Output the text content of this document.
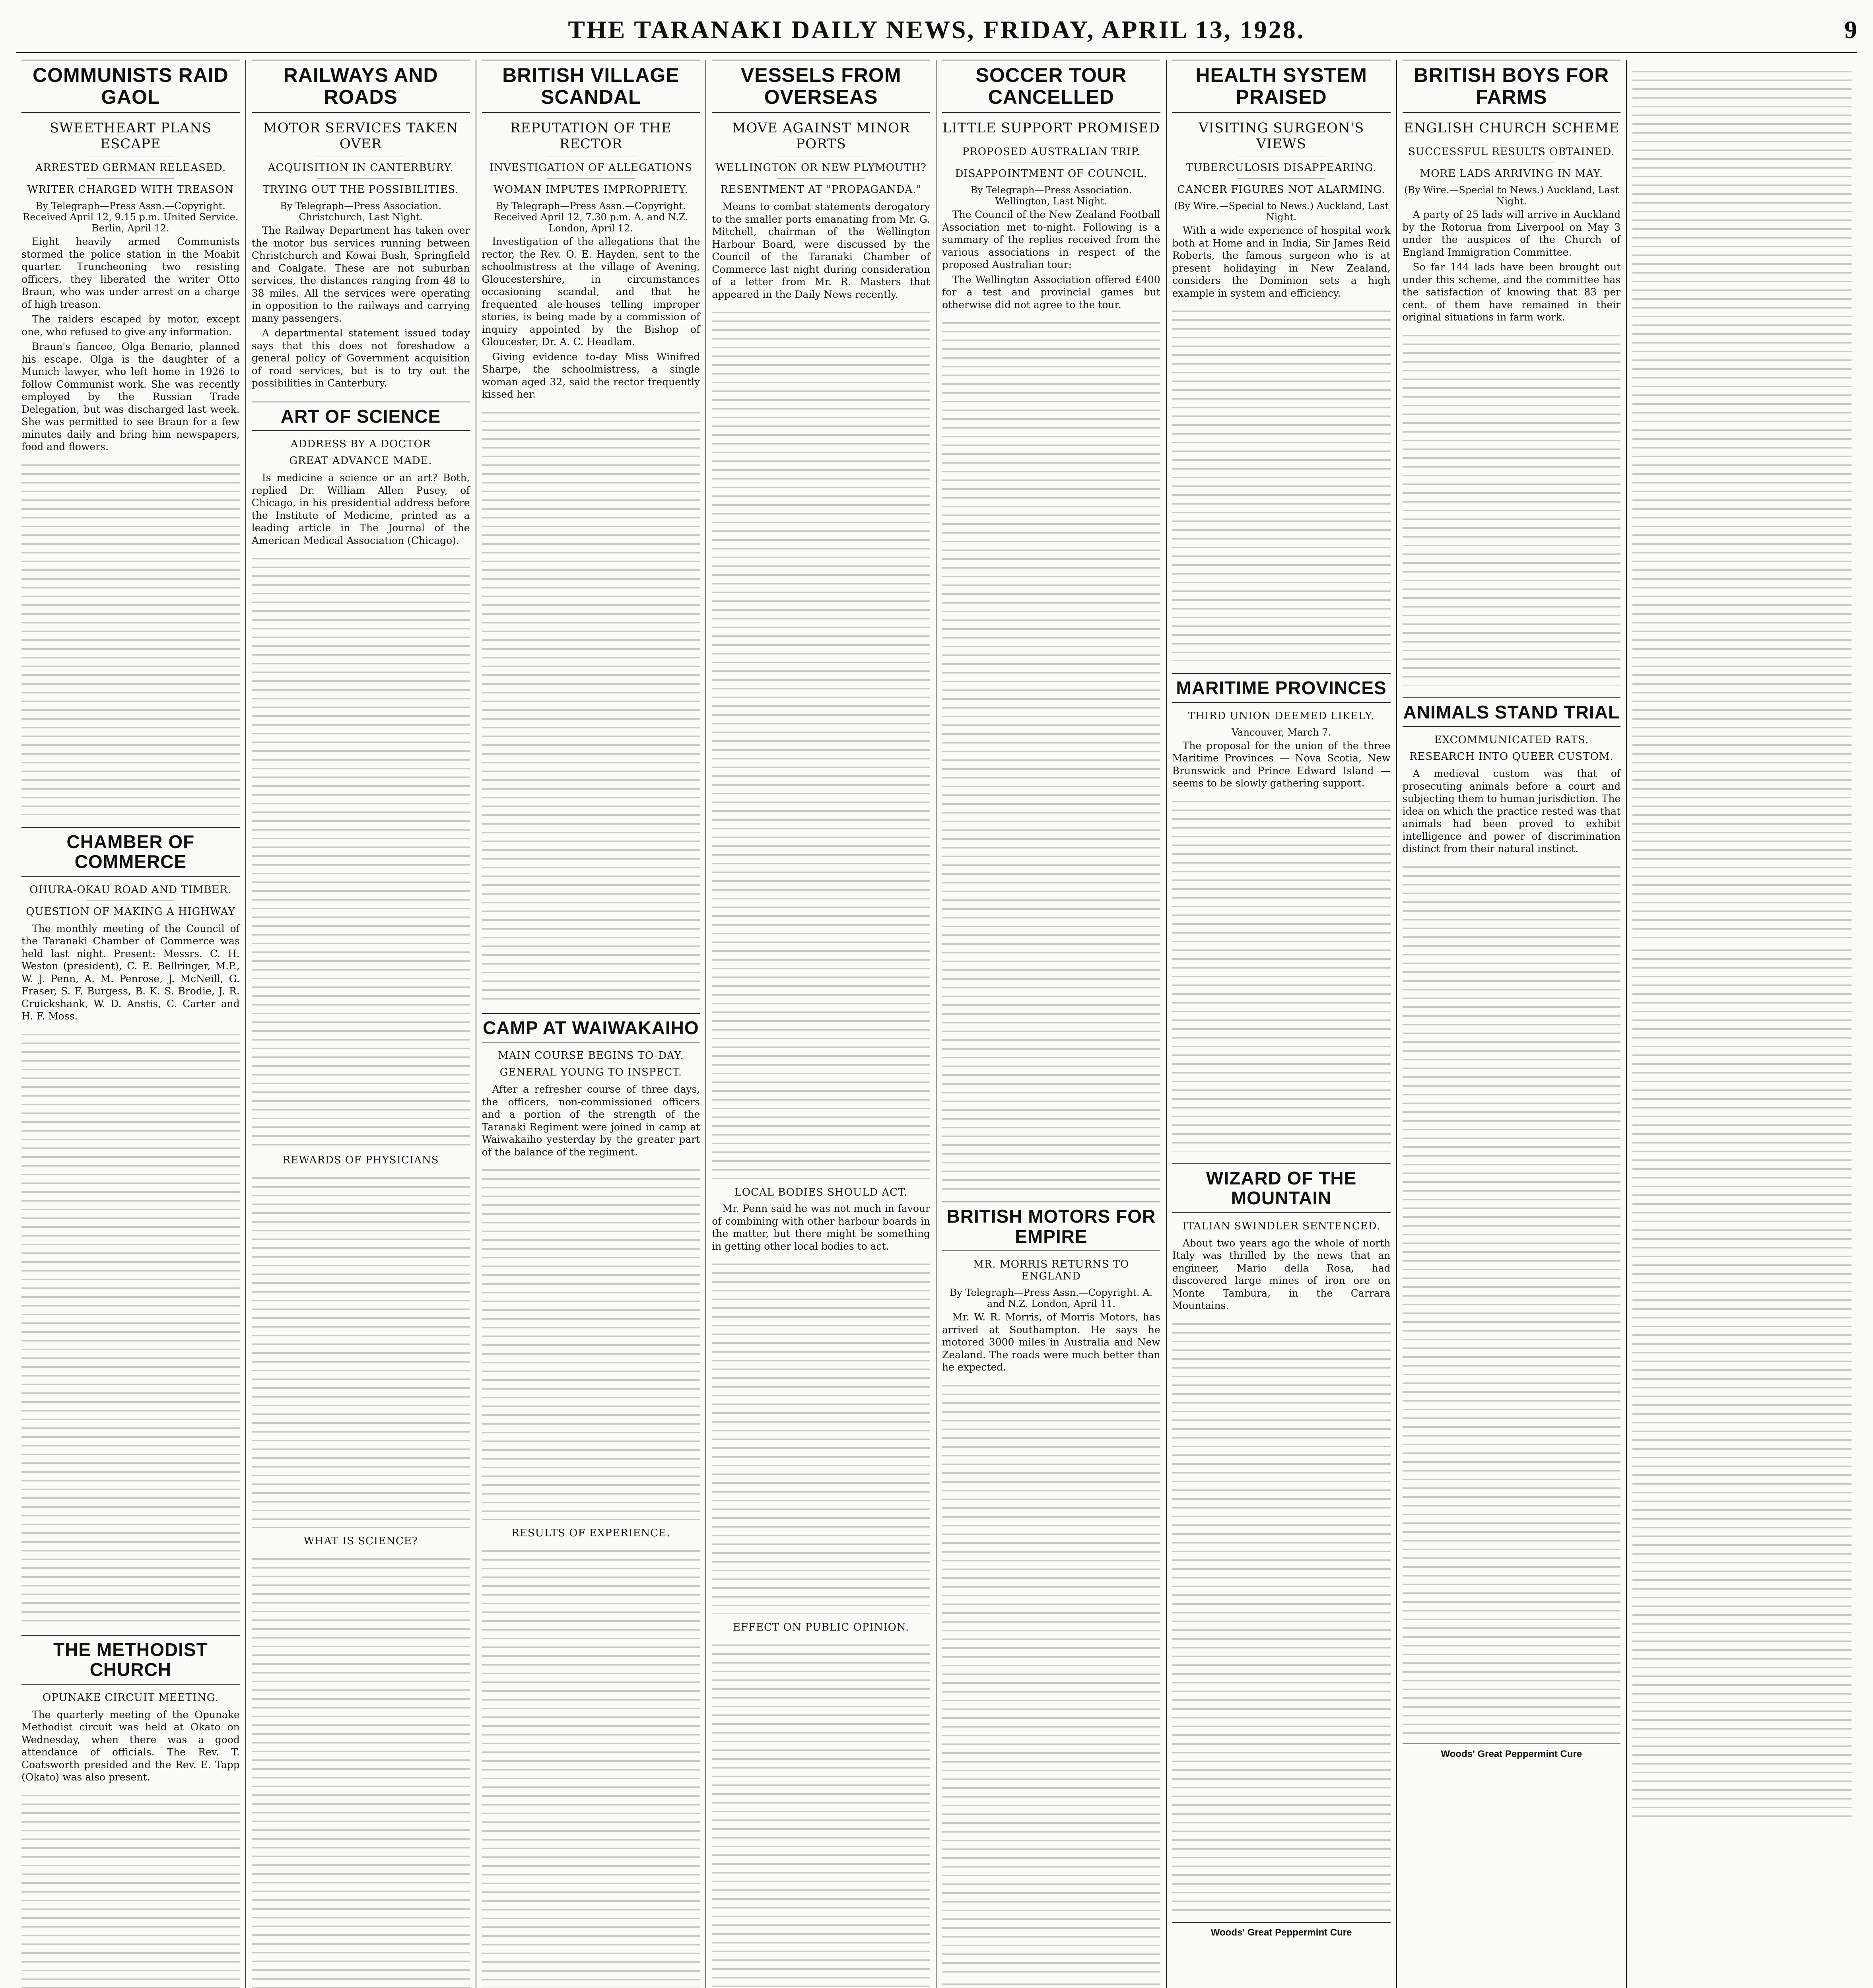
THE TARANAKI DAILY NEWS, FRIDAY, APRIL 13, 1928.	9
COMMUNISTS RAID GAOL
SWEETHEART PLANS ESCAPE
ARRESTED GERMAN RELEASED.
WRITER CHARGED WITH TREASON
By Telegraph—Press Assn.—Copyright. Received April 12, 9.15 p.m. United Service. Berlin, April 12.

Eight heavily armed Communists stormed the police station in the Moabit quarter. Truncheoning two resisting officers, they liberated the writer Otto Braun, who was under arrest on a charge of high treason.

The raiders escaped by motor, except one, who refused to give any information.

Braun's fiancee, Olga Benario, planned his escape. Olga is the daughter of a Munich lawyer, who left home in 1926 to follow Communist work. She was recently employed by the Russian Trade Delegation, but was discharged last week. She was permitted to see Braun for a few minutes daily and bring him newspapers, food and flowers.

CHAMBER OF COMMERCE
OHURA-OKAU ROAD AND TIMBER.
QUESTION OF MAKING A HIGHWAY

The monthly meeting of the Council of the Taranaki Chamber of Commerce was held last night. Present: Messrs. C. H. Weston (president), C. E. Bellringer, M.P., W. J. Penn, A. M. Penrose, J. McNeill, G. Fraser, S. F. Burgess, B. K. S. Brodie, J. R. Cruickshank, W. D. Anstis, C. Carter and H. F. Moss.

THE METHODIST CHURCH
OPUNAKE CIRCUIT MEETING.

The quarterly meeting of the Opunake Methodist circuit was held at Okato on Wednesday, when there was a good attendance of officials. The Rev. T. Coatsworth presided and the Rev. E. Tapp (Okato) was also present.

RAILWAYS AND ROADS
MOTOR SERVICES TAKEN OVER
ACQUISITION IN CANTERBURY.
TRYING OUT THE POSSIBILITIES.
By Telegraph—Press Association. Christchurch, Last Night.

The Railway Department has taken over the motor bus services running between Christchurch and Kowai Bush, Springfield and Coalgate. These are not suburban services, the distances ranging from 48 to 38 miles. All the services were operating in opposition to the railways and carrying many passengers.

A departmental statement issued today says that this does not foreshadow a general policy of Government acquisition of road services, but is to try out the possibilities in Canterbury.

ART OF SCIENCE
ADDRESS BY A DOCTOR
GREAT ADVANCE MADE.

Is medicine a science or an art? Both, replied Dr. William Allen Pusey, of Chicago, in his presidential address before the Institute of Medicine, printed as a leading article in The Journal of the American Medical Association (Chicago).

REWARDS OF PHYSICIANS
WHAT IS SCIENCE?
BRITISH VILLAGE SCANDAL
REPUTATION OF THE RECTOR
INVESTIGATION OF ALLEGATIONS
WOMAN IMPUTES IMPROPRIETY.
By Telegraph—Press Assn.—Copyright. Received April 12, 7.30 p.m. A. and N.Z. London, April 12.

Investigation of the allegations that the rector, the Rev. O. E. Hayden, sent to the schoolmistress at the village of Avening, Gloucestershire, in circumstances occasioning scandal, and that he frequented ale-houses telling improper stories, is being made by a commission of inquiry appointed by the Bishop of Gloucester, Dr. A. C. Headlam.

Giving evidence to-day Miss Winifred Sharpe, the schoolmistress, a single woman aged 32, said the rector frequently kissed her.

CAMP AT WAIWAKAIHO
MAIN COURSE BEGINS TO-DAY.
GENERAL YOUNG TO INSPECT.

After a refresher course of three days, the officers, non-commissioned officers and a portion of the strength of the Taranaki Regiment were joined in camp at Waiwakaiho yesterday by the greater part of the balance of the regiment.

RESULTS OF EXPERIENCE.
VESSELS FROM OVERSEAS
MOVE AGAINST MINOR PORTS
WELLINGTON OR NEW PLYMOUTH?
RESENTMENT AT "PROPAGANDA."

Means to combat statements derogatory to the smaller ports emanating from Mr. G. Mitchell, chairman of the Wellington Harbour Board, were discussed by the Council of the Taranaki Chamber of Commerce last night during consideration of a letter from Mr. R. Masters that appeared in the Daily News recently.

LOCAL BODIES SHOULD ACT.

Mr. Penn said he was not much in favour of combining with other harbour boards in the matter, but there might be something in getting other local bodies to act.

EFFECT ON PUBLIC OPINION.

SOCCER TOUR CANCELLED
LITTLE SUPPORT PROMISED
PROPOSED AUSTRALIAN TRIP.
DISAPPOINTMENT OF COUNCIL.
By Telegraph—Press Association. Wellington, Last Night.

The Council of the New Zealand Football Association met to-night. Following is a summary of the replies received from the various associations in respect of the proposed Australian tour:

The Wellington Association offered £400 for a test and provincial games but otherwise did not agree to the tour.

BRITISH MOTORS FOR EMPIRE
MR. MORRIS RETURNS TO ENGLAND
By Telegraph—Press Assn.—Copyright. A. and N.Z. London, April 11.

Mr. W. R. Morris, of Morris Motors, has arrived at Southampton. He says he motored 3000 miles in Australia and New Zealand. The roads were much better than he expected.

HEALTH SYSTEM PRAISED
VISITING SURGEON'S VIEWS
TUBERCULOSIS DISAPPEARING.
CANCER FIGURES NOT ALARMING.
(By Wire.—Special to News.) Auckland, Last Night.

With a wide experience of hospital work both at Home and in India, Sir James Reid Roberts, the famous surgeon who is at present holidaying in New Zealand, considers the Dominion sets a high example in system and efficiency.

MARITIME PROVINCES
THIRD UNION DEEMED LIKELY.
Vancouver, March 7.

The proposal for the union of the three Maritime Provinces — Nova Scotia, New Brunswick and Prince Edward Island — seems to be slowly gathering support.

WIZARD OF THE MOUNTAIN
ITALIAN SWINDLER SENTENCED.

About two years ago the whole of north Italy was thrilled by the news that an engineer, Mario della Rosa, had discovered large mines of iron ore on Monte Tambura, in the Carrara Mountains.

Woods' Great Peppermint Cure
BRITISH BOYS FOR FARMS
ENGLISH CHURCH SCHEME
SUCCESSFUL RESULTS OBTAINED.
MORE LADS ARRIVING IN MAY.
(By Wire.—Special to News.) Auckland, Last Night.

A party of 25 lads will arrive in Auckland by the Rotorua from Liverpool on May 3 under the auspices of the Church of England Immigration Committee.

So far 144 lads have been brought out under this scheme, and the committee has the satisfaction of knowing that 83 per cent. of them have remained in their original situations in farm work.

ANIMALS STAND TRIAL
EXCOMMUNICATED RATS.
RESEARCH INTO QUEER CUSTOM.

A medieval custom was that of prosecuting animals before a court and subjecting them to human jurisdiction. The idea on which the practice rested was that animals had been proved to exhibit intelligence and power of discrimination distinct from their natural instinct.

Woods' Great Peppermint Cure
